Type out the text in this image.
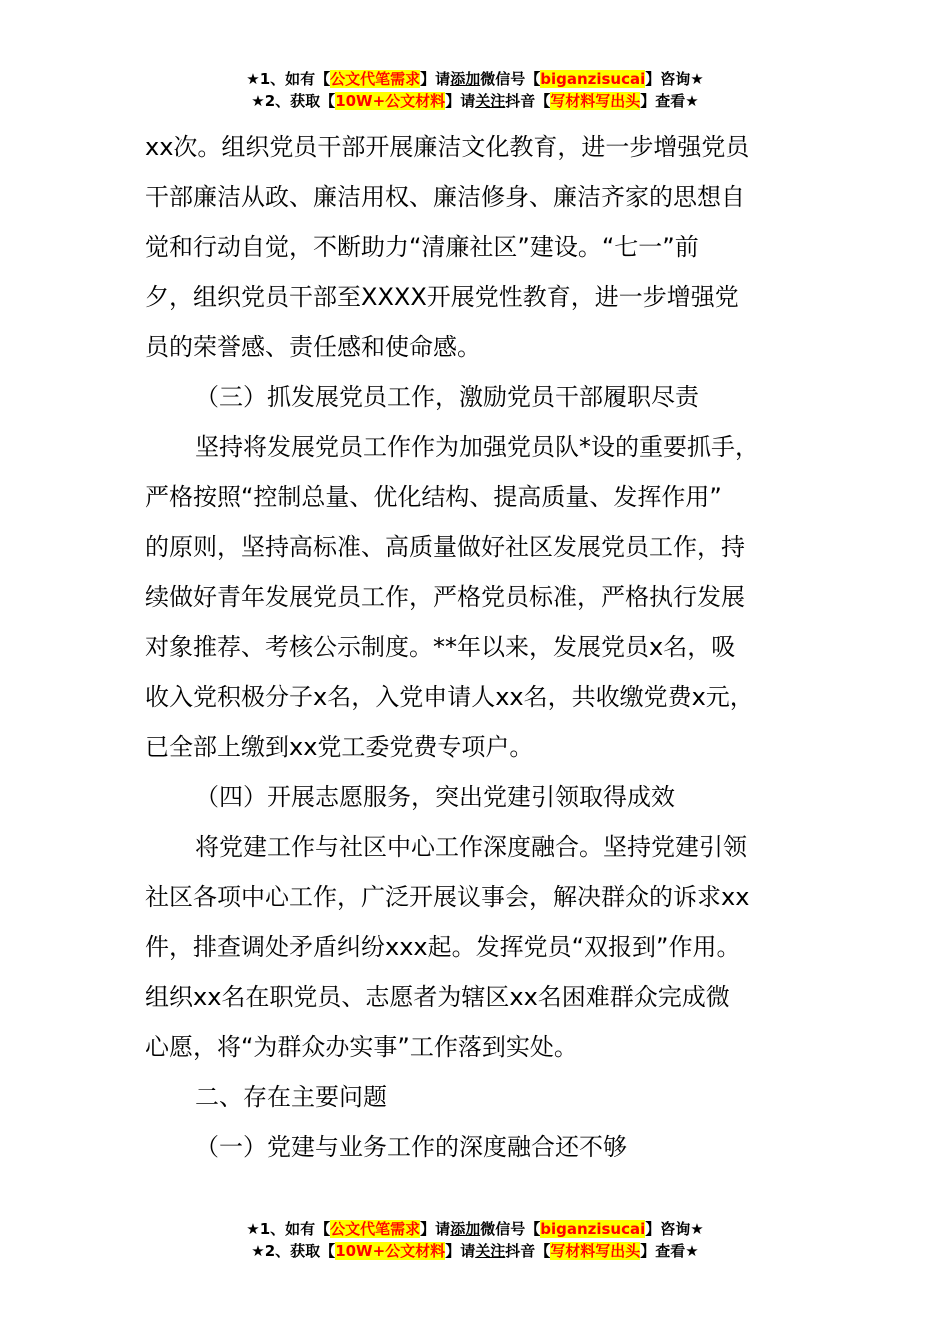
★1、如有【公文代笔需求】请添加微信号【biganzisucai】咨询★
★2、获取【10W+公文材料】请关注抖音【写材料写出头】查看★
xx次。组织党员干部开展廉洁文化教育，进一步增强党员
干部廉洁从政、廉洁用权、廉洁修身、廉洁齐家的思想自
觉和行动自觉，不断助力“清廉社区”建设。“七一”前
夕，组织党员干部至XXXX开展党性教育，进一步增强党
员的荣誉感、责任感和使命感。
（三）抓发展党员工作，激励党员干部履职尽责
坚持将发展党员工作作为加强党员队*设的重要抓手，
严格按照“控制总量、优化结构、提高质量、发挥作用”
的原则，坚持高标准、高质量做好社区发展党员工作，持
续做好青年发展党员工作，严格党员标准，严格执行发展
对象推荐、考核公示制度。**年以来，发展党员x名，吸
收入党积极分子x名，入党申请人xx名，共收缴党费x元，
已全部上缴到xx党工委党费专项户。
（四）开展志愿服务，突出党建引领取得成效
将党建工作与社区中心工作深度融合。坚持党建引领
社区各项中心工作，广泛开展议事会，解决群众的诉求xx
件，排查调处矛盾纠纷xxx起。发挥党员“双报到”作用。
组织xx名在职党员、志愿者为辖区xx名困难群众完成微
心愿，将“为群众办实事”工作落到实处。
二、存在主要问题
（一）党建与业务工作的深度融合还不够
★1、如有【公文代笔需求】请添加微信号【biganzisucai】咨询★
★2、获取【10W+公文材料】请关注抖音【写材料写出头】查看★
